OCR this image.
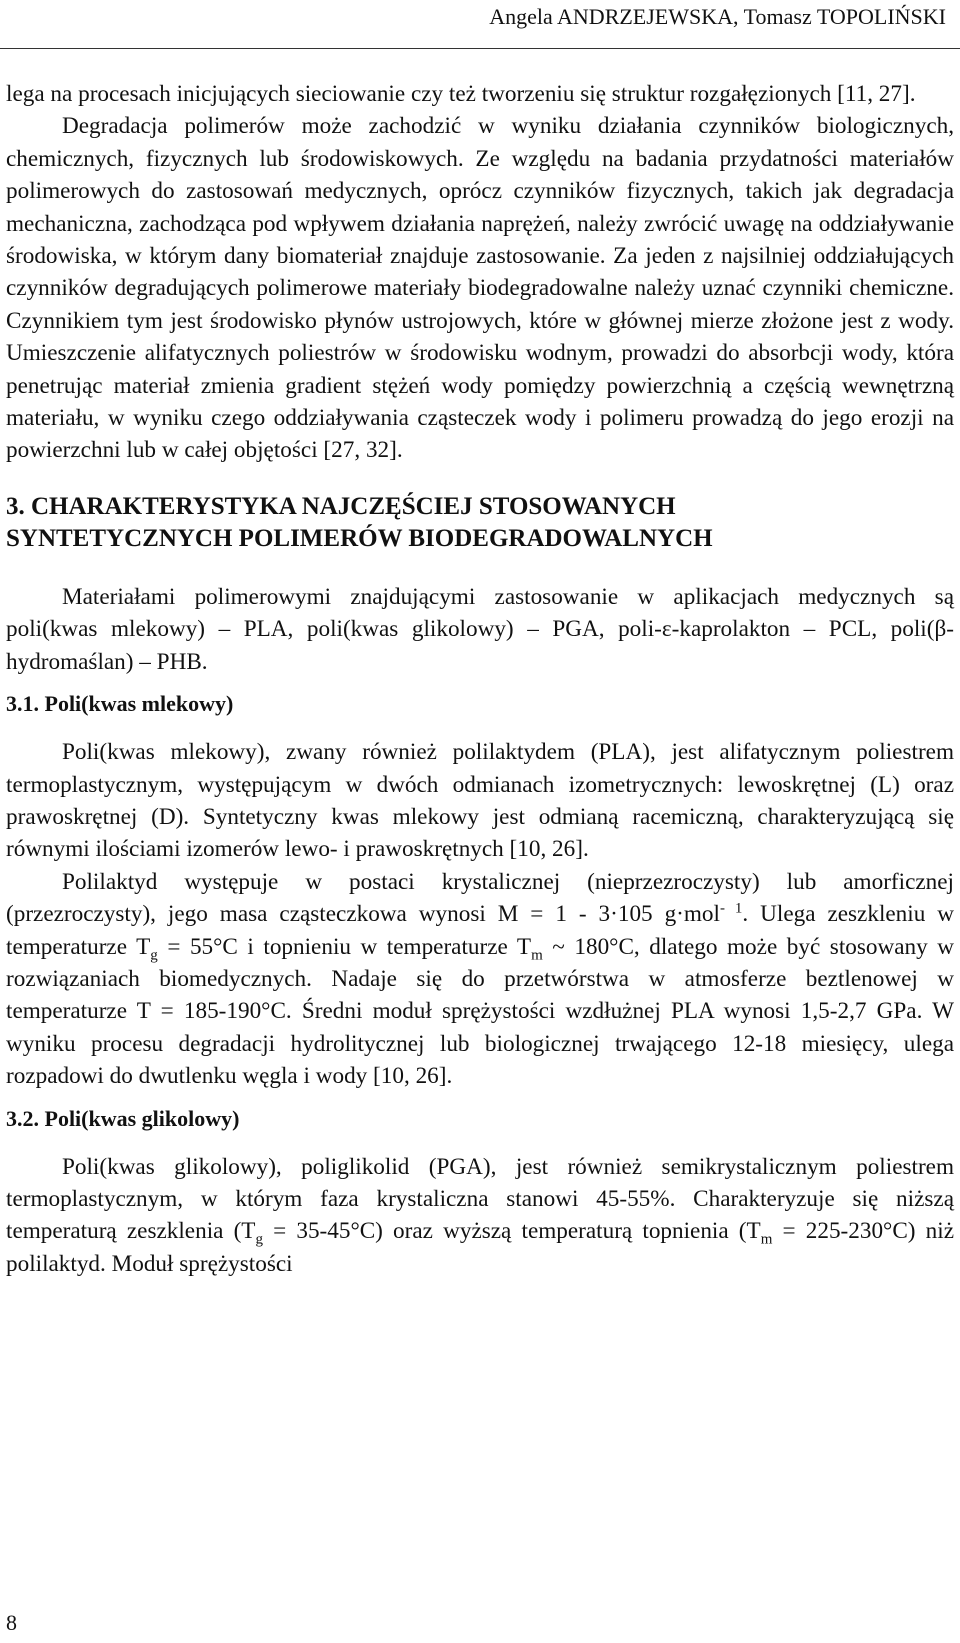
Angela ANDRZEJEWSKA, Tomasz TOPOLIŃSKI

lega na procesach inicjujących sieciowanie czy też tworzeniu się struktur rozgałęzionych [11, 27].

Degradacja polimerów może zachodzić w wyniku działania czynników biologicznych, chemicznych, fizycznych lub środowiskowych. Ze względu na badania przydatności materiałów polimerowych do zastosowań medycznych, oprócz czynników fizycznych, takich jak degradacja mechaniczna, zachodząca pod wpływem działania naprężeń, należy zwrócić uwagę na oddziaływanie środowiska, w którym dany biomateriał znajduje zastosowanie. Za jeden z najsilniej oddziałujących czynników degradujących polimerowe materiały biodegradowalne należy uznać czynniki chemiczne. Czynnikiem tym jest środowisko płynów ustrojowych, które w głównej mierze złożone jest z wody. Umieszczenie alifatycznych poliestrów w środowisku wodnym, prowadzi do absorbcji wody, która penetrując materiał zmienia gradient stężeń wody pomiędzy powierzchnią a częścią wewnętrzną materiału, w wyniku czego oddziaływania cząsteczek wody i polimeru prowadzą do jego erozji na powierzchni lub w całej objętości [27, 32].

3. CHARAKTERYSTYKA NAJCZĘŚCIEJ STOSOWANYCH
SYNTETYCZNYCH POLIMERÓW BIODEGRADOWALNYCH

Materiałami polimerowymi znajdującymi zastosowanie w aplikacjach medycznych są poli(kwas mlekowy) – PLA, poli(kwas glikolowy) – PGA, poli-ε-kaprolakton – PCL, poli(β-hydromaślan) – PHB.

3.1. Poli(kwas mlekowy)

Poli(kwas mlekowy), zwany również polilaktydem (PLA), jest alifatycznym poliestrem termoplastycznym, występującym w dwóch odmianach izometrycznych: lewoskrętnej (L) oraz prawoskrętnej (D). Syntetyczny kwas mlekowy jest odmianą racemiczną, charakteryzującą się równymi ilościami izomerów lewo- i prawoskrętnych [10, 26].

Polilaktyd występuje w postaci krystalicznej (nieprzezroczysty) lub amorficznej (przezroczysty), jego masa cząsteczkowa wynosi M = 1 - 3·105 g·mol$^{- 1}$. Ulega zeszkleniu w temperaturze $T_g = 55^\circ C$ i topnieniu w temperaturze $T_m$ ~ 180°C, dlatego może być stosowany w rozwiązaniach biomedycznych. Nadaje się do przetwórstwa w atmosferze beztlenowej w temperaturze T = 185-190°C. Średni moduł sprężystości wzdłużnej PLA wynosi 1,5-2,7 GPa. W wyniku procesu degradacji hydrolitycznej lub biologicznej trwającego 12-18 miesięcy, ulega rozpadowi do dwutlenku węgla i wody [10, 26].

3.2. Poli(kwas glikolowy)

Poli(kwas glikolowy), poliglikolid (PGA), jest również semikrystalicznym poliestrem termoplastycznym, w którym faza krystaliczna stanowi 45-55%. Charakteryzuje się niższą temperaturą zeszklenia $(T_g = 35-45^\circ C)$ oraz wyższą temperaturą topnienia $(T_m = 225-230^\circ C)$ niż polilaktyd. Moduł sprężystości

8
